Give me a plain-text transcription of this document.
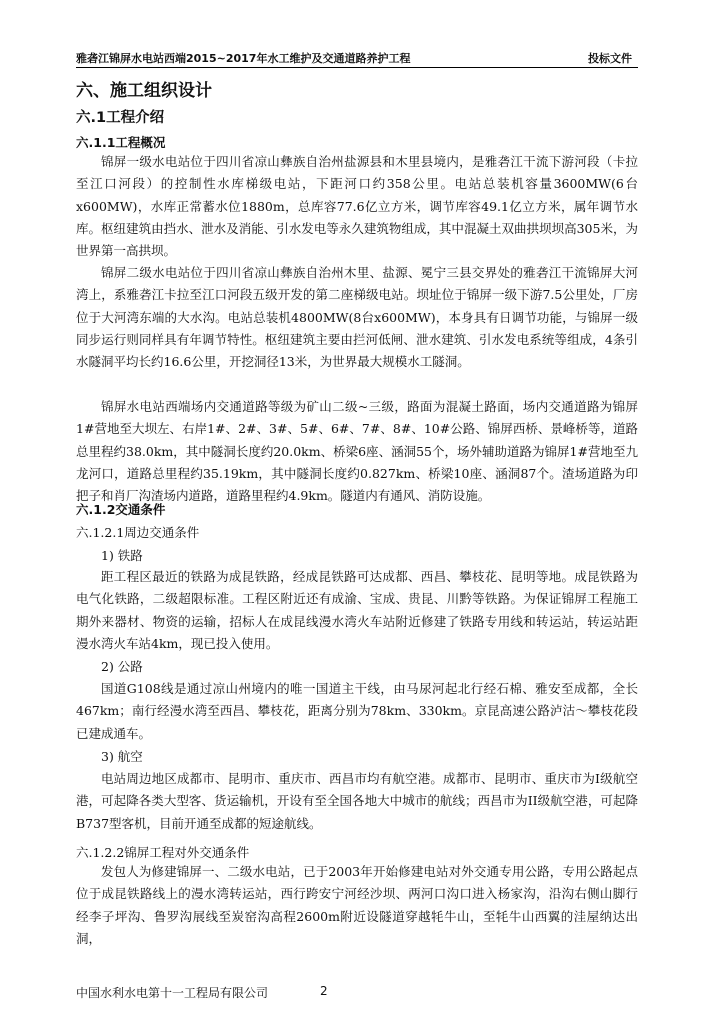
雅砻江锦屏水电站西端2015~2017年水工维护及交通道路养护工程	投标文件
六、施工组织设计
六.1工程介绍
六.1.1工程概况

锦屏一级水电站位于四川省凉山彝族自治州盐源县和木里县境内，是雅砻江干流下游河段（卡拉至江口河段）的控制性水库梯级电站，下距河口约358公里。电站总装机容量3600MW(6台x600MW)，水库正常蓄水位1880m，总库容77.6亿立方米，调节库容49.1亿立方米，属年调节水库。枢纽建筑由挡水、泄水及消能、引水发电等永久建筑物组成，其中混凝土双曲拱坝坝高305米，为世界第一高拱坝。

锦屏二级水电站位于四川省凉山彝族自治州木里、盐源、冕宁三县交界处的雅砻江干流锦屏大河湾上，系雅砻江卡拉至江口河段五级开发的第二座梯级电站。坝址位于锦屏一级下游7.5公里处，厂房位于大河湾东端的大水沟。电站总装机4800MW(8台x600MW)，本身具有日调节功能，与锦屏一级同步运行则同样具有年调节特性。枢纽建筑主要由拦河低闸、泄水建筑、引水发电系统等组成，4条引水隧洞平均长约16.6公里，开挖洞径13米，为世界最大规模水工隧洞。

锦屏水电站西端场内交通道路等级为矿山二级~三级，路面为混凝土路面，场内交通道路为锦屏1#营地至大坝左、右岸1#、2#、3#、5#、6#、7#、8#、10#公路、锦屏西桥、景峰桥等，道路总里程约38.0km，其中隧洞长度约20.0km、桥梁6座、涵洞55个，场外辅助道路为锦屏1#营地至九龙河口，道路总里程约35.19km，其中隧洞长度约0.827km、桥梁10座、涵洞87个。渣场道路为印把子和肖厂沟渣场内道路，道路里程约4.9km。隧道内有通风、消防设施。

六.1.2交通条件
六.1.2.1周边交通条件
1) 铁路

距工程区最近的铁路为成昆铁路，经成昆铁路可达成都、西昌、攀枝花、昆明等地。成昆铁路为电气化铁路，二级超限标准。工程区附近还有成渝、宝成、贵昆、川黔等铁路。为保证锦屏工程施工期外来器材、物资的运输，招标人在成昆线漫水湾火车站附近修建了铁路专用线和转运站，转运站距漫水湾火车站4km，现已投入使用。

2) 公路

国道G108线是通过凉山州境内的唯一国道主干线，由马尿河起北行经石棉、雅安至成都，全长467km；南行经漫水湾至西昌、攀枝花，距离分别为78km、330km。京昆高速公路泸沽～攀枝花段已建成通车。

3) 航空

电站周边地区成都市、昆明市、重庆市、西昌市均有航空港。成都市、昆明市、重庆市为I级航空港，可起降各类大型客、货运输机，开设有至全国各地大中城市的航线；西昌市为II级航空港，可起降B737型客机，目前开通至成都的短途航线。

六.1.2.2锦屏工程对外交通条件

发包人为修建锦屏一、二级水电站，已于2003年开始修建电站对外交通专用公路，专用公路起点位于成昆铁路线上的漫水湾转运站，西行跨安宁河经沙坝、两河口沟口进入杨家沟，沿沟右侧山脚行经李子坪沟、鲁罗沟展线至炭窑沟高程2600m附近设隧道穿越牦牛山，至牦牛山西翼的洼屋纳达出洞，

中国水利水电第十一工程局有限公司	2
